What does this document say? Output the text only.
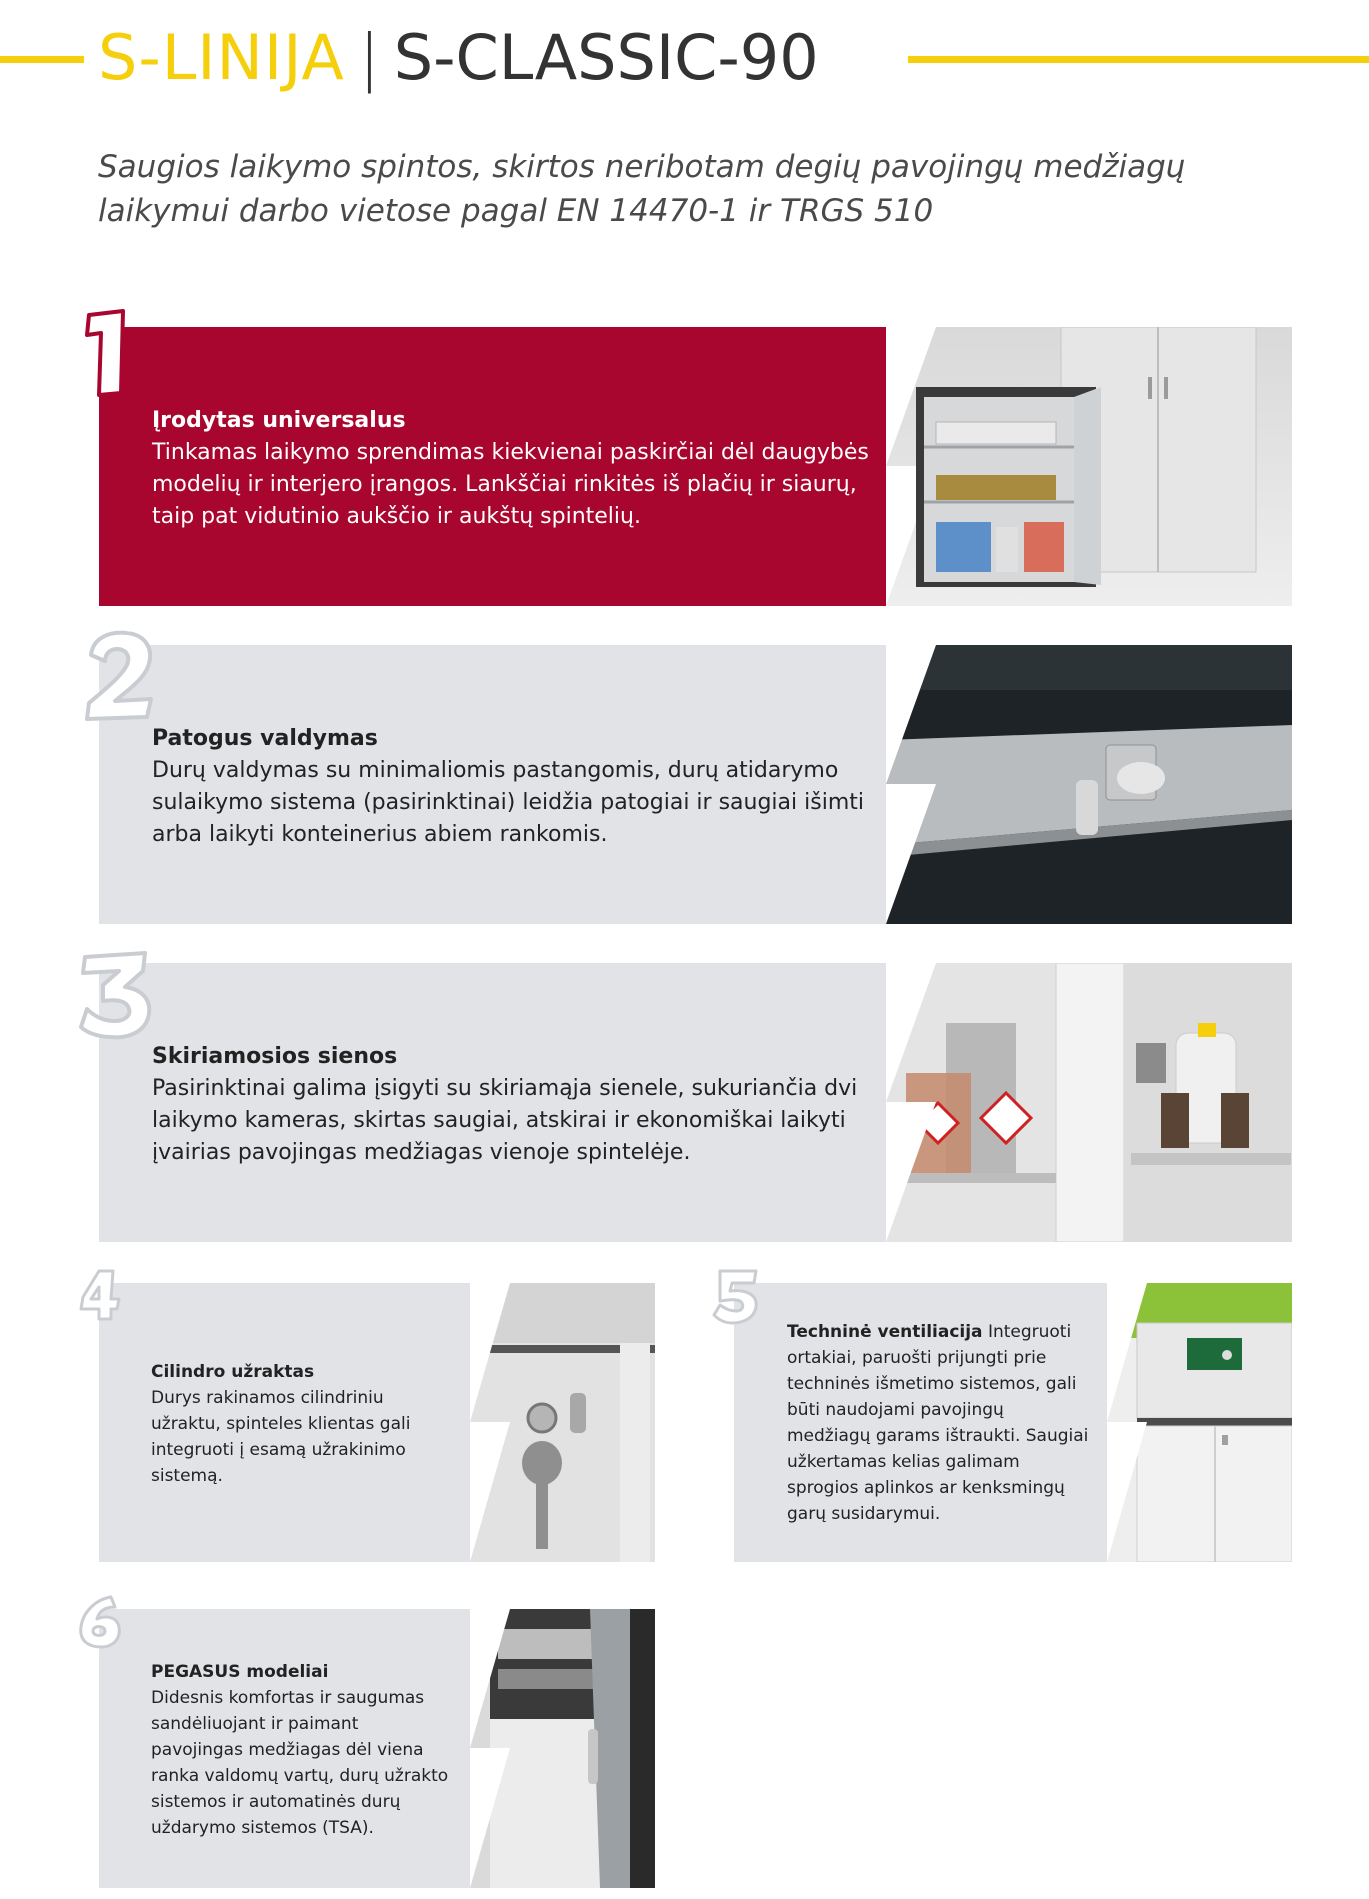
S-LINIJA | S-CLASSIC-90
Saugios laikymo spintos, skirtos neribotam degių pavojingų medžiagų
laikymui darbo vietose pagal EN 14470-1 ir TRGS 510
Įrodytas universalus
Tinkamas laikymo sprendimas kiekvienai paskirčiai dėl daugybės modelių ir interjero įrangos. Lankščiai rinkitės iš plačių ir siaurų, taip pat vidutinio aukščio ir aukštų spintelių.
Patogus valdymas
Durų valdymas su minimaliomis pastangomis, durų atidarymo sulaikymo sistema (pasirinktinai) leidžia patogiai ir saugiai išimti arba laikyti konteinerius abiem rankomis.
Skiriamosios sienos
Pasirinktinai galima įsigyti su skiriamąja sienele, sukuriančia dvi laikymo kameras, skirtas saugiai, atskirai ir ekonomiškai laikyti įvairias pavojingas medžiagas vienoje spintelėje.
Cilindro užraktas
Durys rakinamos cilindriniu užraktu, spinteles klientas gali integruoti į esamą užrakinimo sistemą.
Techninė ventiliacija Integruoti ortakiai, paruošti prijungti prie techninės išmetimo sistemos, gali būti naudojami pavojingų medžiagų garams ištraukti. Saugiai užkertamas kelias galimam sprogios aplinkos ar kenksmingų garų susidarymui.
PEGASUS modeliai
Didesnis komfortas ir saugumas sandėliuojant ir paimant pavojingas medžiagas dėl viena ranka valdomų vartų, durų užrakto sistemos ir automatinės durų uždarymo sistemos (TSA).
